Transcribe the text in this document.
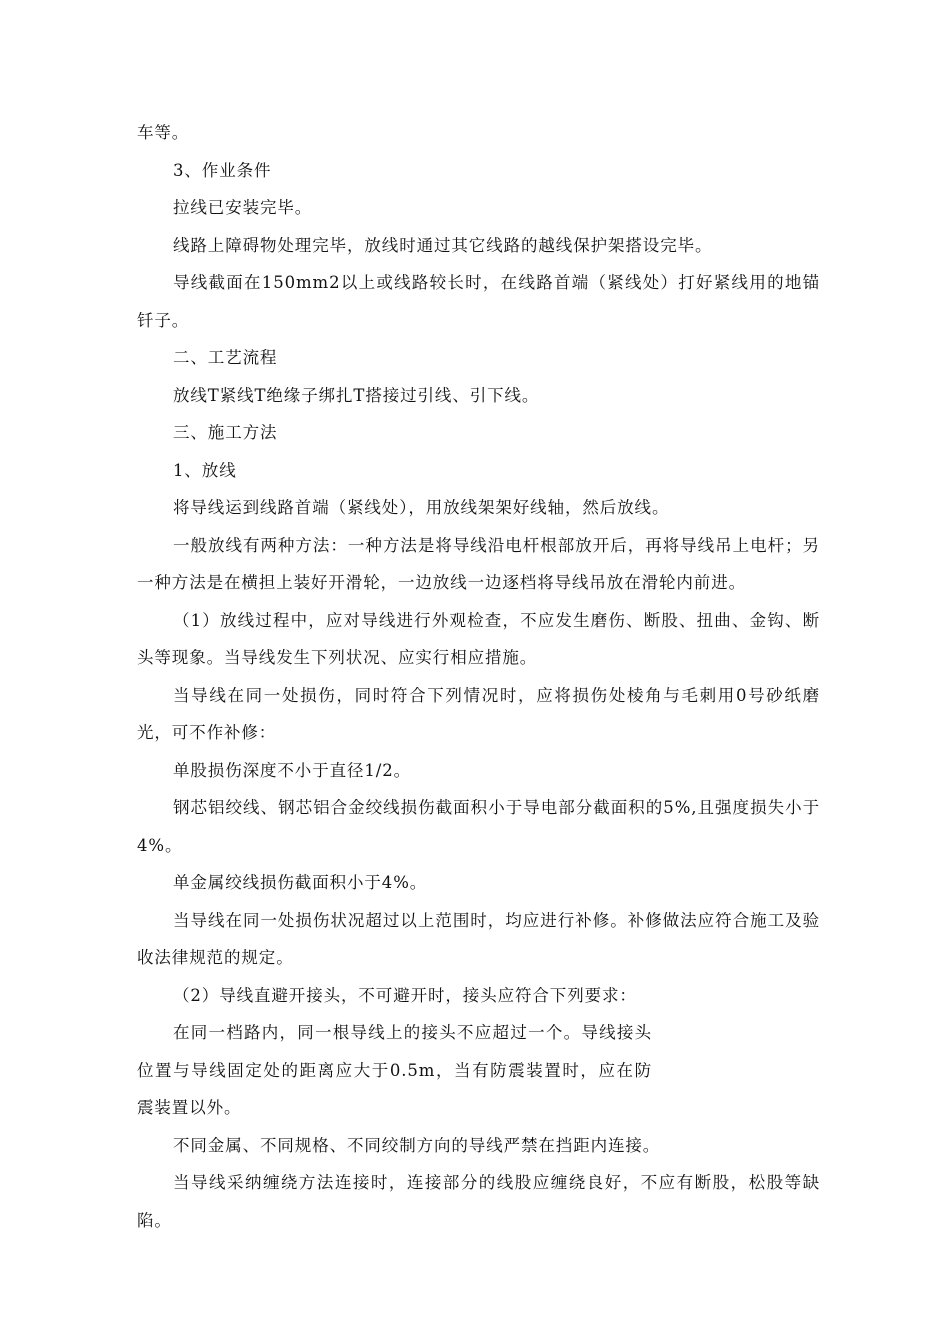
车等。

3、作业条件

拉线已安装完毕。

线路上障碍物处理完毕，放线时通过其它线路的越线保护架搭设完毕。

导线截面在150mm2以上或线路较长时，在线路首端（紧线处）打好紧线用的地锚钎子。

二、工艺流程

放线T紧线T绝缘子绑扎T搭接过引线、引下线。

三、施工方法

1、放线

将导线运到线路首端（紧线处），用放线架架好线轴，然后放线。

一般放线有两种方法：一种方法是将导线沿电杆根部放开后，再将导线吊上电杆；另一种方法是在横担上装好开滑轮，一边放线一边逐档将导线吊放在滑轮内前进。

（1）放线过程中，应对导线进行外观检查，不应发生磨伤、断股、扭曲、金钩、断头等现象。当导线发生下列状况、应实行相应措施。

当导线在同一处损伤，同时符合下列情况时，应将损伤处棱角与毛刺用0号砂纸磨光，可不作补修：

单股损伤深度不小于直径1/2。

钢芯铝绞线、钢芯铝合金绞线损伤截面积小于导电部分截面积的5%,且强度损失小于4%。

单金属绞线损伤截面积小于4%。

当导线在同一处损伤状况超过以上范围时，均应进行补修。补修做法应符合施工及验收法律规范的规定。

（2）导线直避开接头，不可避开时，接头应符合下列要求：

在同一档路内，同一根导线上的接头不应超过一个。导线接头位置与导线固定处的距离应大于0.5m，当有防震装置时，应在防震装置以外。

不同金属、不同规格、不同绞制方向的导线严禁在挡距内连接。

当导线采纳缠绕方法连接时，连接部分的线股应缠绕良好，不应有断股，松股等缺陷。
